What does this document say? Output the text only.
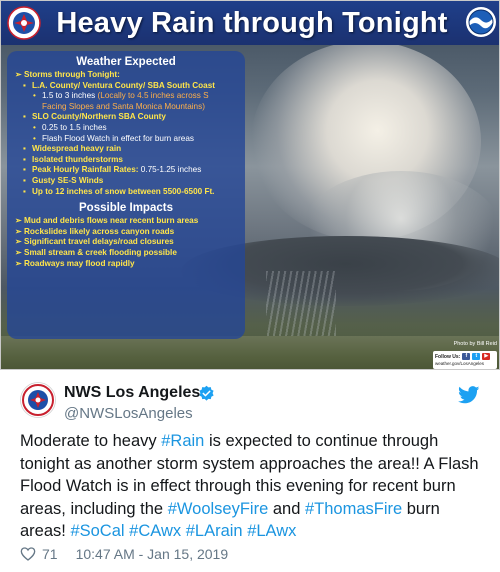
Heavy Rain through Tonight
Weather Expected
➢ Storms through Tonight:
▪ L.A. County/ Ventura County/ SBA South Coast
• 1.5 to 3 inches (Locally to 4.5 inches across S
Facing Slopes and Santa Monica Mountains)
▪ SLO County/Northern SBA County
• 0.25 to 1.5 inches
• Flash Flood Watch in effect for burn areas
▪ Widespread heavy rain
▪ Isolated thunderstorms
▪ Peak Hourly Rainfall Rates: 0.75-1.25 inches
▪ Gusty SE-S Winds
▪ Up to 12 inches of snow between 5500-6500 Ft.
Possible Impacts
➢ Mud and debris flows near recent burn areas
➢ Rockslides likely across canyon roads
➢ Significant travel delays/road closures
➢ Small stream & creek flooding possible
➢ Roadways may flood rapidly
Photo by Bill Reid
Follow Us:	f	t	▶
weather.gov/LosAngeles
NWS Los Angeles
@NWSLosAngeles
Moderate to heavy #Rain is expected to continue through tonight as another storm system approaches the area!! A Flash Flood Watch is in effect through this evening for recent burn areas, including the #WoolseyFire and #ThomasFire burn areas! #SoCal #CAwx #LArain #LAwx
71 10:47 AM - Jan 15, 2019
